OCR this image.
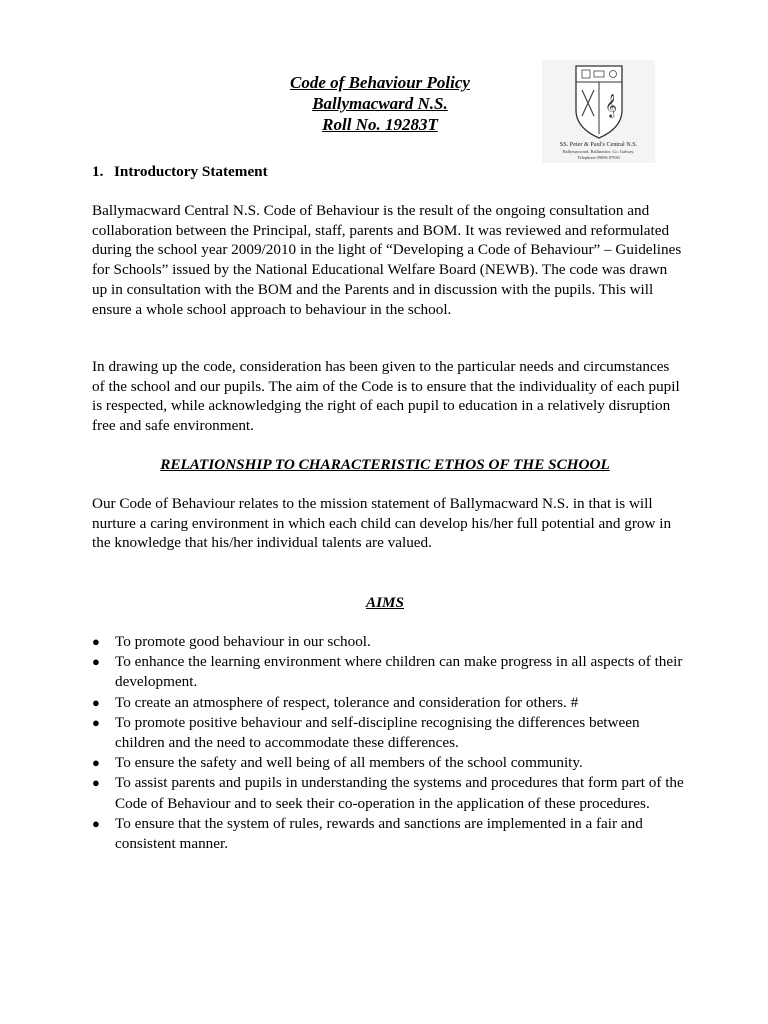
Code of Behaviour Policy
Ballymacward N.S.
Roll No. 19283T
𝄞
SS. Peter & Paul's Central N.S.
Ballymacward, Ballinasloe, Co. Galway.
Telephone 09096 87030
1. Introductory Statement

Ballymacward Central N.S. Code of Behaviour is the result of the ongoing consultation and collaboration between the Principal, staff, parents and BOM. It was reviewed and reformulated during the school year 2009/2010 in the light of “Developing a Code of Behaviour” – Guidelines for Schools” issued by the National Educational Welfare Board (NEWB). The code was drawn up in consultation with the BOM and the Parents and in discussion with the pupils. This will ensure a whole school approach to behaviour in the school.

In drawing up the code, consideration has been given to the particular needs and circumstances of the school and our pupils. The aim of the Code is to ensure that the individuality of each pupil is respected, while acknowledging the right of each pupil to education in a relatively disruption free and safe environment.

RELATIONSHIP TO CHARACTERISTIC ETHOS OF THE SCHOOL

Our Code of Behaviour relates to the mission statement of Ballymacward N.S. in that is will nurture a caring environment in which each child can develop his/her full potential and grow in the knowledge that his/her individual talents are valued.

AIMS
● To promote good behaviour in our school.
● To enhance the learning environment where children can make progress in all aspects of their development.
● To create an atmosphere of respect, tolerance and consideration for others. #
● To promote positive behaviour and self-discipline recognising the differences between children and the need to accommodate these differences.
● To ensure the safety and well being of all members of the school community.
● To assist parents and pupils in understanding the systems and procedures that form part of the Code of Behaviour and to seek their co-operation in the application of these procedures.
● To ensure that the system of rules, rewards and sanctions are implemented in a fair and consistent manner.
